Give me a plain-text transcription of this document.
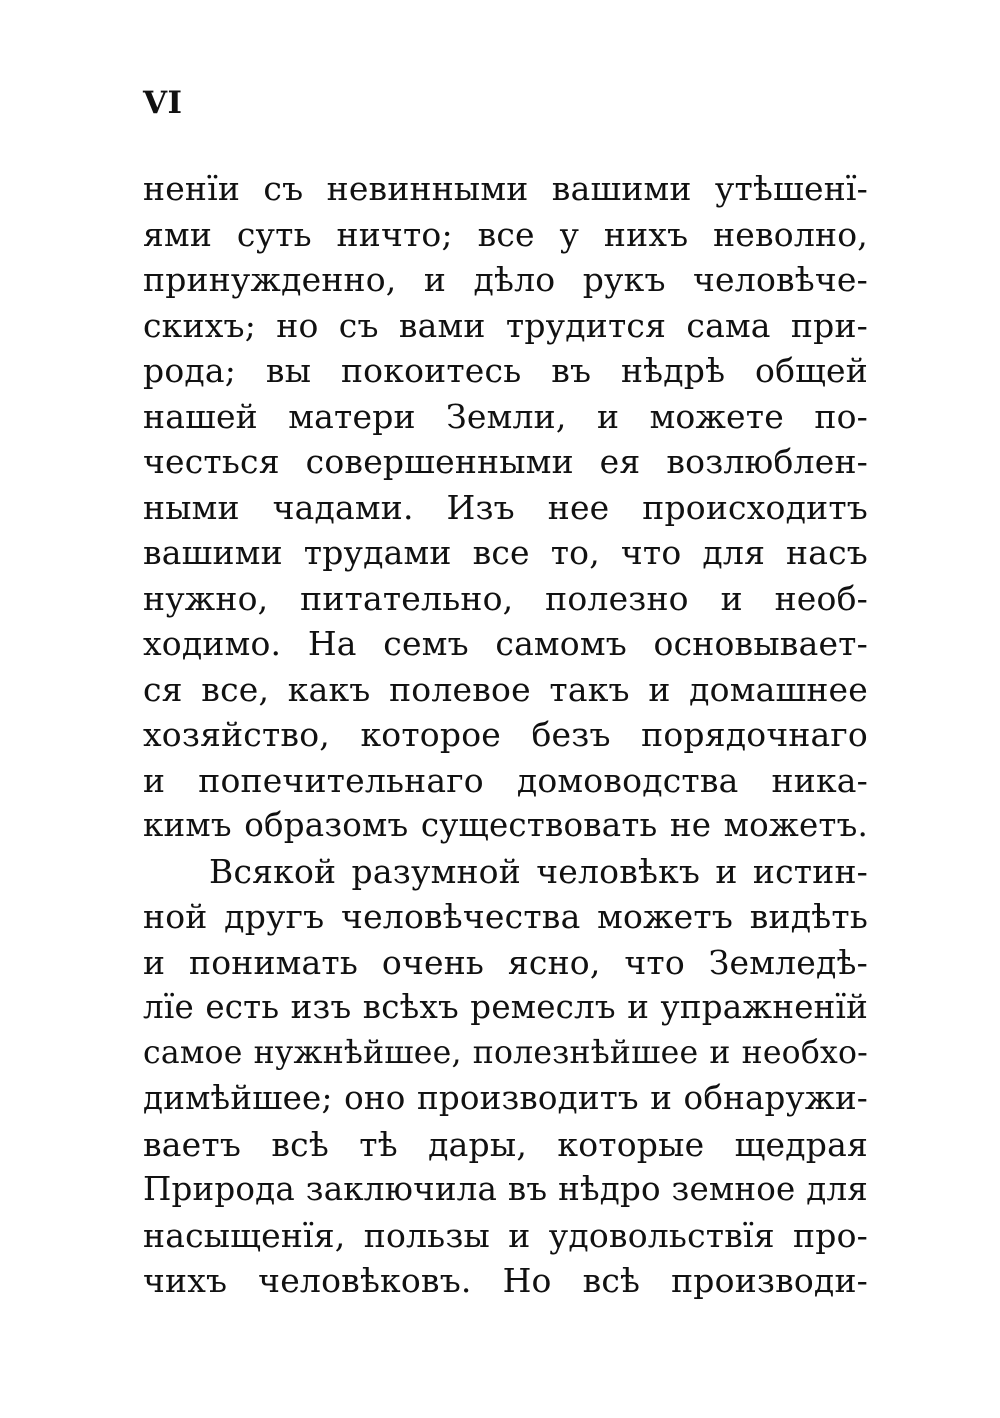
VI
ненїи съ невинными вашими утѣшенї-
ями суть ничто; все у нихъ неволно,
принужденно, и дѣло рукъ человѣче-
скихъ; но съ вами трудится сама при-
рода; вы покоитесь въ нѣдрѣ общей
нашей матери Земли, и можете по-
честься совершенными ея возлюблен-
ными чадами. Изъ нее происходитъ
вашими трудами все то, что для насъ
нужно, питательно, полезно и необ-
ходимо. На семъ самомъ основывает-
ся все, какъ полевое такъ и домашнее
хозяйство, которое безъ порядочнаго
и попечительнаго домоводства ника-
кимъ образомъ существовать не можетъ.
Всякой разумной человѣкъ и истин-
ной другъ человѣчества можетъ видѣть
и понимать очень ясно, что Земледѣ-
лїе есть изъ всѣхъ ремеслъ и упражненїй
самое нужнѣйшее, полезнѣйшее и необхо-
димѣйшее; оно производитъ и обнаружи-
ваетъ всѣ тѣ дары, которые щедрая
Природа заключила въ нѣдро земное для
насыщенїя, пользы и удовольствїя про-
чихъ человѣковъ. Но всѣ производи-
